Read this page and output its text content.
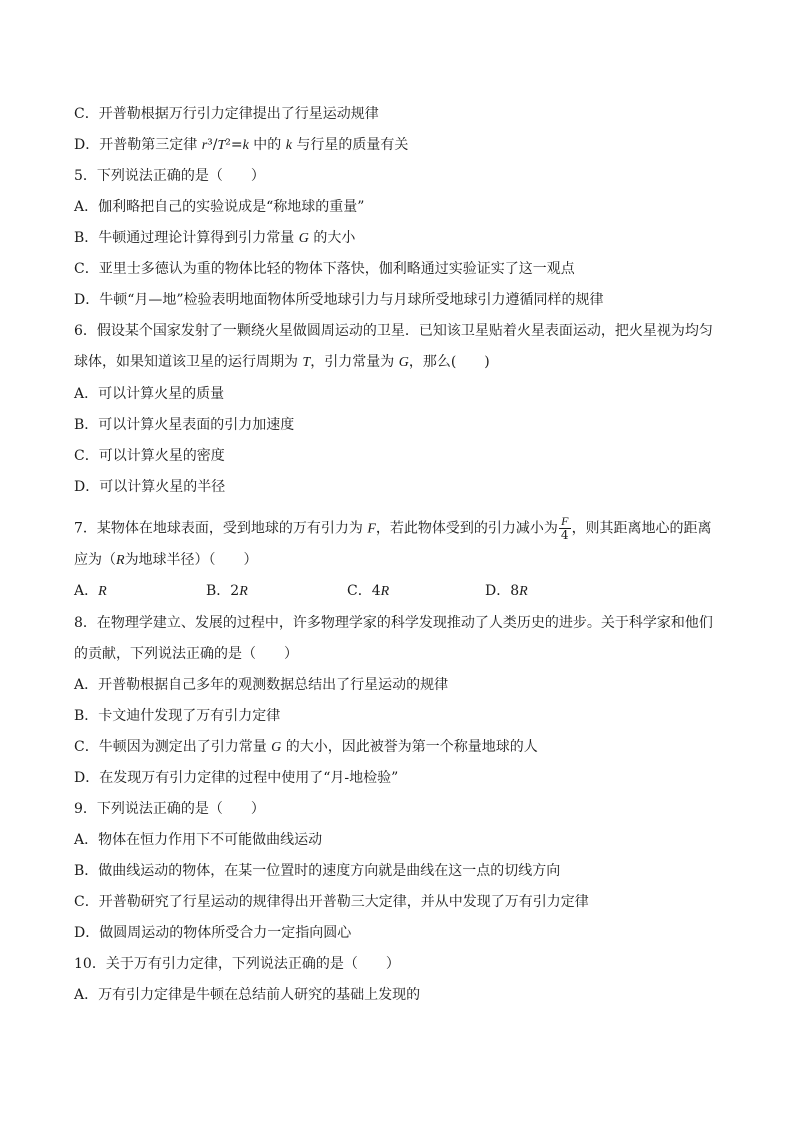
C．开普勒根据万行引力定律提出了行星运动规律
D．开普勒第三定律 r³/T²=k 中的 k 与行星的质量有关
5．下列说法正确的是（　　）
A．伽利略把自己的实验说成是“称地球的重量”
B．牛顿通过理论计算得到引力常量 G 的大小
C．亚里士多德认为重的物体比轻的物体下落快，伽利略通过实验证实了这一观点
D．牛顿“月—地”检验表明地面物体所受地球引力与月球所受地球引力遵循同样的规律
6．假设某个国家发射了一颗绕火星做圆周运动的卫星．已知该卫星贴着火星表面运动，把火星视为均匀
球体，如果知道该卫星的运行周期为 T，引力常量为 G，那么(　　)
A．可以计算火星的质量
B．可以计算火星表面的引力加速度
C．可以计算火星的密度
D．可以计算火星的半径
7．某物体在地球表面，受到地球的万有引力为 F，若此物体受到的引力减小为 $\frac{F}{4}$ ，则其距离地心的距离
应为（R为地球半径）（　　）
A．R	B．2R	C．4R	D．8R
8．在物理学建立、发展的过程中，许多物理学家的科学发现推动了人类历史的进步。关于科学家和他们
的贡献，下列说法正确的是（　　）
A．开普勒根据自己多年的观测数据总结出了行星运动的规律
B．卡文迪什发现了万有引力定律
C．牛顿因为测定出了引力常量 G 的大小，因此被誉为第一个称量地球的人
D．在发现万有引力定律的过程中使用了“月-地检验”
9．下列说法正确的是（　　）
A．物体在恒力作用下不可能做曲线运动
B．做曲线运动的物体，在某一位置时的速度方向就是曲线在这一点的切线方向
C．开普勒研究了行星运动的规律得出开普勒三大定律，并从中发现了万有引力定律
D．做圆周运动的物体所受合力一定指向圆心
10．关于万有引力定律，下列说法正确的是（　　）
A．万有引力定律是牛顿在总结前人研究的基础上发现的
